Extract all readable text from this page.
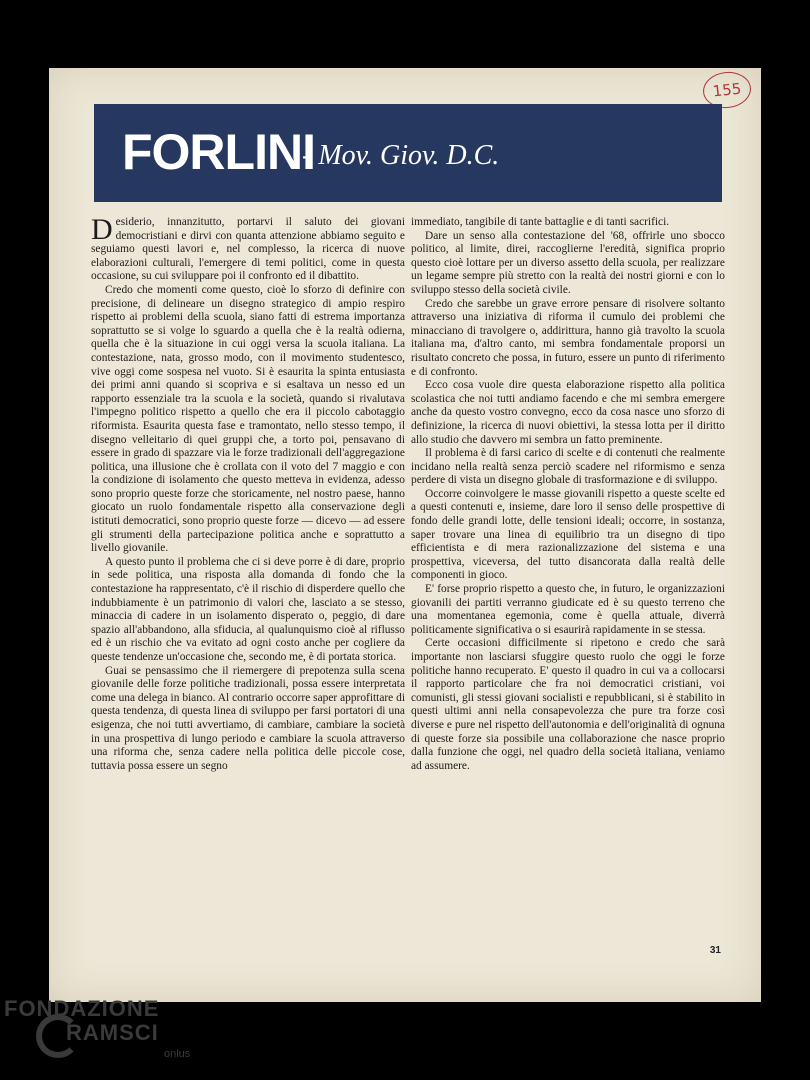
155
FORLINI
- Mov. Giov. D.C.

Desiderio, innanzitutto, portarvi il saluto dei giovani democristiani e dirvi con quanta attenzione abbiamo seguito e seguiamo questi lavori e, nel complesso, la ricerca di nuove elaborazioni culturali, l'emergere di temi politici, come in questa occasione, su cui sviluppare poi il confronto ed il dibattito.

Credo che momenti come questo, cioè lo sforzo di definire con precisione, di delineare un disegno strategico di ampio respiro rispetto ai problemi della scuola, siano fatti di estrema importanza soprattutto se si volge lo sguardo a quella che è la realtà odierna, quella che è la situazione in cui oggi versa la scuola italiana. La contestazione, nata, grosso modo, con il movimento studentesco, vive oggi come sospesa nel vuoto. Si è esaurita la spinta entusiasta dei primi anni quando si scopriva e si esaltava un nesso ed un rapporto essenziale tra la scuola e la società, quando si rivalutava l'impegno politico rispetto a quello che era il piccolo cabotaggio riformista. Esaurita questa fase e tramontato, nello stesso tempo, il disegno velleitario di quei gruppi che, a torto poi, pensavano di essere in grado di spazzare via le forze tradizionali dell'aggregazione politica, una illusione che è crollata con il voto del 7 maggio e con la condizione di isolamento che questo metteva in evidenza, adesso sono proprio queste forze che storicamente, nel nostro paese, hanno giocato un ruolo fondamentale rispetto alla conservazione degli istituti democratici, sono proprio queste forze — dicevo — ad essere gli strumenti della partecipazione politica anche e soprattutto a livello giovanile.

A questo punto il problema che ci si deve porre è di dare, proprio in sede politica, una risposta alla domanda di fondo che la contestazione ha rappresentato, c'è il rischio di disperdere quello che indubbiamente è un patrimonio di valori che, lasciato a se stesso, minaccia di cadere in un isolamento disperato o, peggio, di dare spazio all'abbandono, alla sfiducia, al qualunquismo cioè al riflusso ed è un rischio che va evitato ad ogni costo anche per cogliere da queste tendenze un'occasione che, secondo me, è di portata storica.

Guai se pensassimo che il riemergere di prepotenza sulla scena giovanile delle forze politiche tradizionali, possa essere interpretata come una delega in bianco. Al contrario occorre saper approfittare di questa tendenza, di questa linea di sviluppo per farsi portatori di una esigenza, che noi tutti avvertiamo, di cambiare, cambiare la società in una prospettiva di lungo periodo e cambiare la scuola attraverso una riforma che, senza cadere nella politica delle piccole cose, tuttavia possa essere un segno

immediato, tangibile di tante battaglie e di tanti sacrifici.

Dare un senso alla contestazione del '68, offrirle uno sbocco politico, al limite, direi, raccoglierne l'eredità, significa proprio questo cioè lottare per un diverso assetto della scuola, per realizzare un legame sempre più stretto con la realtà dei nostri giorni e con lo sviluppo stesso della società civile.

Credo che sarebbe un grave errore pensare di risolvere soltanto attraverso una iniziativa di riforma il cumulo dei problemi che minacciano di travolgere o, addirittura, hanno già travolto la scuola italiana ma, d'altro canto, mi sembra fondamentale proporsi un risultato concreto che possa, in futuro, essere un punto di riferimento e di confronto.

Ecco cosa vuole dire questa elaborazione rispetto alla politica scolastica che noi tutti andiamo facendo e che mi sembra emergere anche da questo vostro convegno, ecco da cosa nasce uno sforzo di definizione, la ricerca di nuovi obiettivi, la stessa lotta per il diritto allo studio che davvero mi sembra un fatto preminente.

Il problema è di farsi carico di scelte e di contenuti che realmente incidano nella realtà senza perciò scadere nel riformismo e senza perdere di vista un disegno globale di trasformazione e di sviluppo.

Occorre coinvolgere le masse giovanili rispetto a queste scelte ed a questi contenuti e, insieme, dare loro il senso delle prospettive di fondo delle grandi lotte, delle tensioni ideali; occorre, in sostanza, saper trovare una linea di equilibrio tra un disegno di tipo efficientista e di mera razionalizzazione del sistema e una prospettiva, viceversa, del tutto disancorata dalla realtà delle componenti in gioco.

E' forse proprio rispetto a questo che, in futuro, le organizzazioni giovanili dei partiti verranno giudicate ed è su questo terreno che una momentanea egemonia, come è quella attuale, diverrà politicamente significativa o si esaurirà rapidamente in se stessa.

Certe occasioni difficilmente si ripetono e credo che sarà importante non lasciarsi sfuggire questo ruolo che oggi le forze politiche hanno recuperato. E' questo il quadro in cui va a collocarsi il rapporto particolare che fra noi democratici cristiani, voi comunisti, gli stessi giovani socialisti e repubblicani, si è stabilito in questi ultimi anni nella consapevolezza che pure tra forze così diverse e pure nel rispetto dell'autonomia e dell'originalità di ognuna di queste forze sia possibile una collaborazione che nasce proprio dalla funzione che oggi, nel quadro della società italiana, veniamo ad assumere.

31
FONDAZIONE
RAMSCI
onlus
